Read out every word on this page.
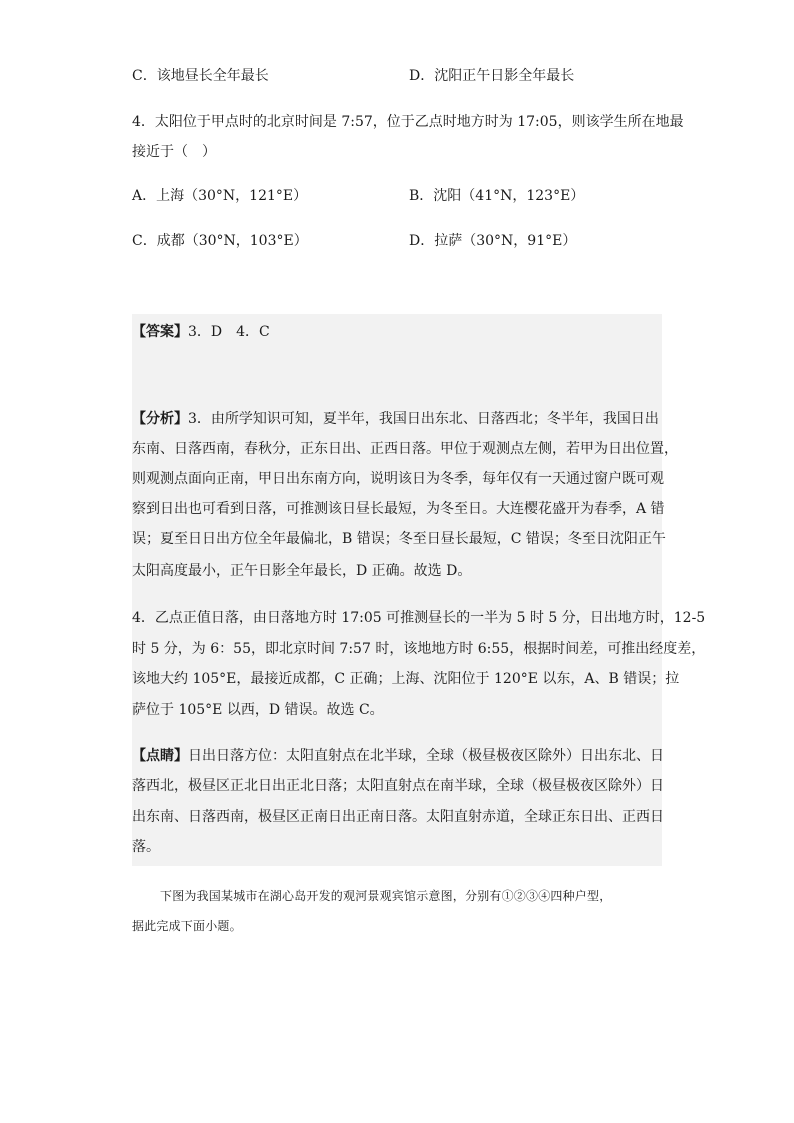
C．该地昼长全年最长	D．沈阳正午日影全年最长
4．太阳位于甲点时的北京时间是 7:57，位于乙点时地方时为 17:05，则该学生所在地最
接近于（　）
A．上海（30°N，121°E）	B．沈阳（41°N，123°E）
C．成都（30°N，103°E）	D．拉萨（30°N，91°E）
【答案】3．D　4．C
【分析】3．由所学知识可知，夏半年，我国日出东北、日落西北；冬半年，我国日出
东南、日落西南，春秋分，正东日出、正西日落。甲位于观测点左侧，若甲为日出位置，
则观测点面向正南，甲日出东南方向，说明该日为冬季，每年仅有一天通过窗户既可观
察到日出也可看到日落，可推测该日昼长最短，为冬至日。大连樱花盛开为春季，A 错
误；夏至日日出方位全年最偏北，B 错误；冬至日昼长最短，C 错误；冬至日沈阳正午
太阳高度最小，正午日影全年最长，D 正确。故选 D。
4．乙点正值日落，由日落地方时 17:05 可推测昼长的一半为 5 时 5 分，日出地方时，12-5
时 5 分，为 6：55，即北京时间 7:57 时，该地地方时 6:55，根据时间差，可推出经度差，
该地大约 105°E，最接近成都，C 正确；上海、沈阳位于 120°E 以东，A、B 错误；拉
萨位于 105°E 以西，D 错误。故选 C。
【点睛】日出日落方位：太阳直射点在北半球，全球（极昼极夜区除外）日出东北、日
落西北，极昼区正北日出正北日落；太阳直射点在南半球，全球（极昼极夜区除外）日
出东南、日落西南，极昼区正南日出正南日落。太阳直射赤道，全球正东日出、正西日
落。
下图为我国某城市在湖心岛开发的观河景观宾馆示意图，分别有①②③④四种户型，
据此完成下面小题。
